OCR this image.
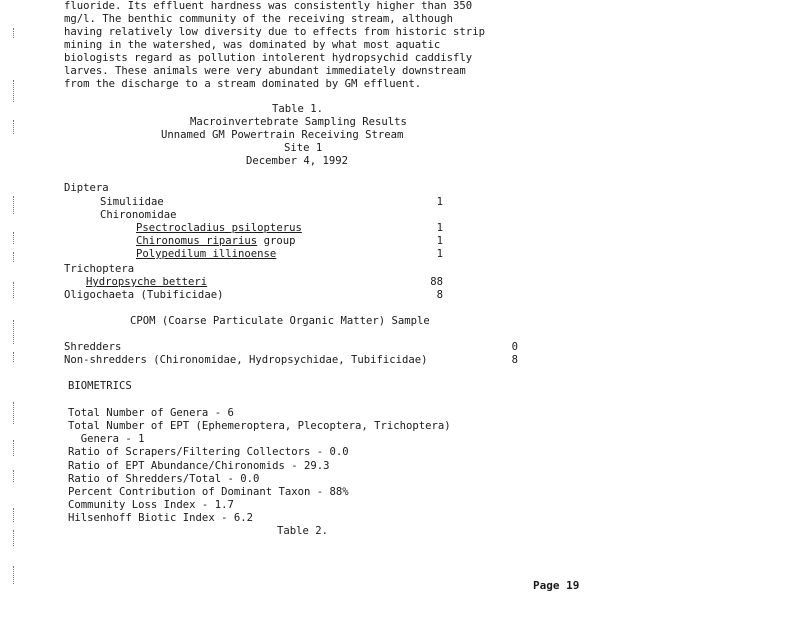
fluoride. Its effluent hardness was consistently higher than 350
mg/l. The benthic community of the receiving stream, although
having relatively low diversity due to effects from historic strip
mining in the watershed, was dominated by what most aquatic
biologists regard as pollution intolerent hydropsychid caddisfly
larves. These animals were very abundant immediately downstream
from the discharge to a stream dominated by GM effluent.
Table 1.
Macroinvertebrate Sampling Results
Unnamed GM Powertrain Receiving Stream
Site 1
December 4, 1992
Diptera
Simuliidae	1
Chironomidae
Psectrocladius psilopterus	1
Chironomus riparius group	1
Polypedilum illinoense	1
Trichoptera
Hydropsyche betteri	88
Oligochaeta (Tubificidae)	8
CPOM (Coarse Particulate Organic Matter) Sample
Shredders	0
Non-shredders (Chironomidae, Hydropsychidae, Tubificidae)	8
BIOMETRICS
Total Number of Genera - 6
Total Number of EPT (Ephemeroptera, Plecoptera, Trichoptera)
Genera - 1
Ratio of Scrapers/Filtering Collectors - 0.0
Ratio of EPT Abundance/Chironomids - 29.3
Ratio of Shredders/Total - 0.0
Percent Contribution of Dominant Taxon - 88%
Community Loss Index - 1.7
Hilsenhoff Biotic Index - 6.2
Table 2.
Page 19
